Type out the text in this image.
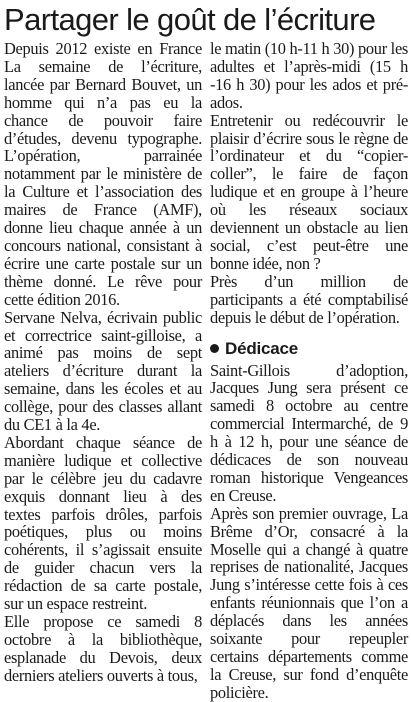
Partager le goût de l’écriture

Depuis 2012 existe en France La semaine de l’écriture, lancée par Bernard Bouvet, un homme qui n’a pas eu la chance de pouvoir faire d’études, devenu typographe. L’opération, parrainée notamment par le ministère de la Culture et l’association des maires de France (AMF), donne lieu chaque année à un concours national, consistant à écrire une carte postale sur un thème donné. Le rêve pour cette édition 2016.

Servane Nelva, écrivain public et correctrice saint-gilloise, a animé pas moins de sept ateliers d’écriture durant la semaine, dans les écoles et au collège, pour des classes allant du CE1 à la 4e.

Abordant chaque séance de manière ludique et collective par le célèbre jeu du cadavre exquis donnant lieu à des textes parfois drôles, parfois poétiques, plus ou moins cohérents, il s’agissait ensuite de guider chacun vers la rédaction de sa carte postale, sur un espace restreint.

Elle propose ce samedi 8 octobre à la bibliothèque, esplanade du Devois, deux derniers ateliers ouverts à tous,

le matin (10 h-11 h 30) pour les adultes et l’après-midi (15 h -16 h 30) pour les ados et pré-ados.

Entretenir ou redécouvrir le plaisir d’écrire sous le règne de l’ordinateur et du “copier-coller”, le faire de façon ludique et en groupe à l’heure où les réseaux sociaux deviennent un obstacle au lien social, c’est peut-être une bonne idée, non ?

Près d’un million de participants a été comptabilisé depuis le début de l’opération.

Dédicace

Saint-Gillois d’adoption, Jacques Jung sera présent ce samedi 8 octobre au centre commercial Intermarché, de 9 h à 12 h, pour une séance de dédicaces de son nouveau roman historique Vengeances en Creuse.

Après son premier ouvrage, La Brême d’Or, consacré à la Moselle qui a changé à quatre reprises de nationalité, Jacques Jung s’intéresse cette fois à ces enfants réunionnais que l’on a déplacés dans les années soixante pour repeupler certains départements comme la Creuse, sur fond d’enquête policière.
